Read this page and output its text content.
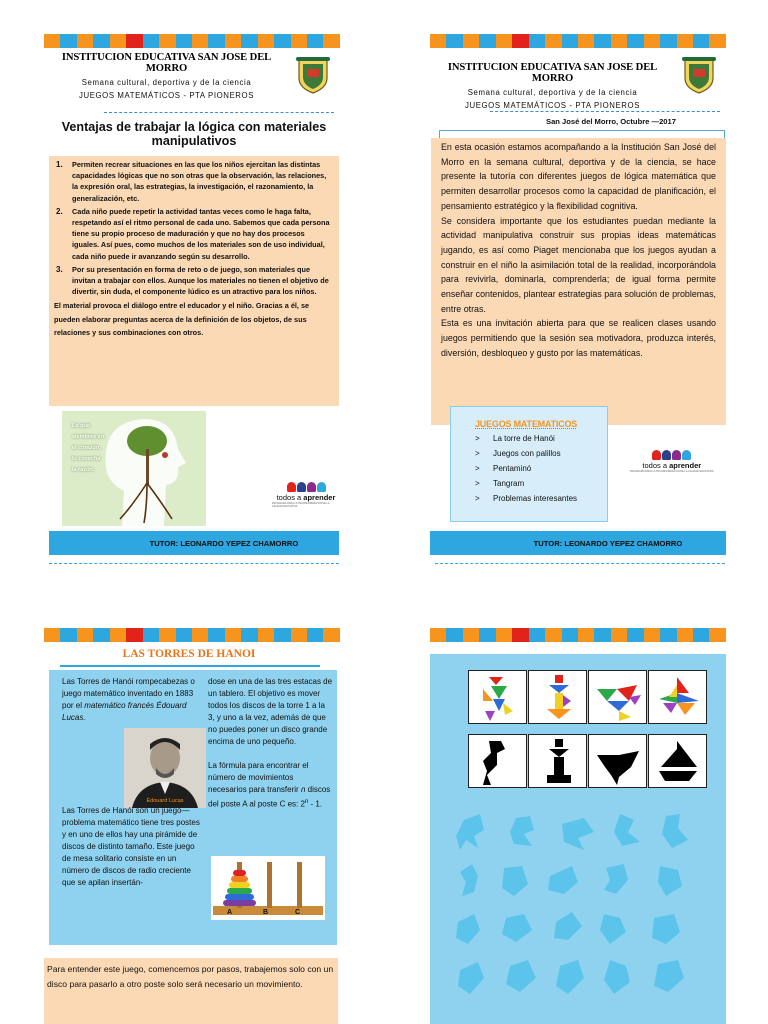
INSTITUCION EDUCATIVA SAN JOSE DEL MORRO
Semana cultural, deportiva y de la ciencia
JUEGOS MATEMÁTICOS - PTA PIONEROS
Ventajas de trabajar la lógica con materiales manipulativos
1. Permiten recrear situaciones en las que los niños ejercitan las distintas capacidades lógicas que no son otras que la observación, las relaciones, la expresión oral, las estrategias, la investigación, el razonamiento, la generalización, etc.
2. Cada niño puede repetir la actividad tantas veces como le haga falta, respetando así el ritmo personal de cada uno. Sabemos que cada persona tiene su propio proceso de maduración y que no hay dos procesos iguales. Así pues, como muchos de los materiales son de uso individual, cada niño puede ir avanzando según su desarrollo.
3. Por su presentación en forma de reto o de juego, son materiales que invitan a trabajar con ellos. Aunque los materiales no tienen el objetivo de divertir, sin duda, el componente lúdico es un atractivo para los niños.
El material provoca el diálogo entre el educador y el niño. Gracias a él, se pueden elaborar preguntas acerca de la definición de los objetos, de sus relaciones y sus combinaciones con otros.
Lo que siembres en el corazón, lo cosecha la razón.
todos a aprender
PROGRAMA PARA LA TRANSFORMACIÓN DE LA CALIDAD EDUCATIVA
TUTOR: LEONARDO YEPEZ CHAMORRO
INSTITUCION EDUCATIVA SAN JOSE DEL MORRO
Semana cultural, deportiva y de la ciencia
JUEGOS MATEMÁTICOS - PTA PIONEROS
San José del Morro, Octubre —2017

En esta ocasión estamos acompañando a la Institución San José del Morro en la semana cultural, deportiva y de la ciencia, se hace presente la tutoría con diferentes juegos de lógica matemática que permiten desarrollar procesos como la capacidad de planificación, el pensamiento estratégico y la flexibilidad cognitiva.

Se considera importante que los estudiantes puedan mediante la actividad manipulativa construir sus propias ideas matemáticas jugando, es así como Piaget mencionaba que los juegos ayudan a construir en el niño la asimilación total de la realidad, incorporándola para revivirla, dominarla, comprenderla; de igual forma permite enseñar contenidos, plantear estrategias para solución de problemas, entre otras.

Esta es una invitación abierta para que se realicen clases usando juegos permitiendo que la sesión sea motivadora, produzca interés, diversión, desbloqueo y gusto por las matemáticas.

JUEGOS MATEMATICOS
> La torre de Hanói
> Juegos con palillos
> Pentaminó
> Tangram
> Problemas interesantes
todos a aprender
PROGRAMA PARA LA TRANSFORMACIÓN DE LA CALIDAD EDUCATIVA
TUTOR: LEONARDO YEPEZ CHAMORRO
LAS TORRES DE HANOI

Las Torres de Hanói rompecabezas o juego matemático inventado en 1883 por el matemático francés Édouard Lucas.

Édouard Lucas
Las Torres de Hanói son un juego— problema matemático tiene tres postes y en uno de ellos hay una pirámide de discos de distinto tamaño. Este juego de mesa solitario consiste en un número de discos de radio creciente que se apilan insertán-

dose en una de las tres estacas de un tablero. El objetivo es mover todos los discos de la torre 1 a la 3, y uno a la vez, además de que no puedes poner un disco grande encima de uno pequeño.

La fórmula para encontrar el número de movimientos necesarios para transferir n discos del poste A al poste C es: 2$^n$ - 1.

A	B	C
Para entender este juego, comencemos por pasos, trabajemos solo con un disco para pasarlo a otro poste solo será necesario un movimiento.
